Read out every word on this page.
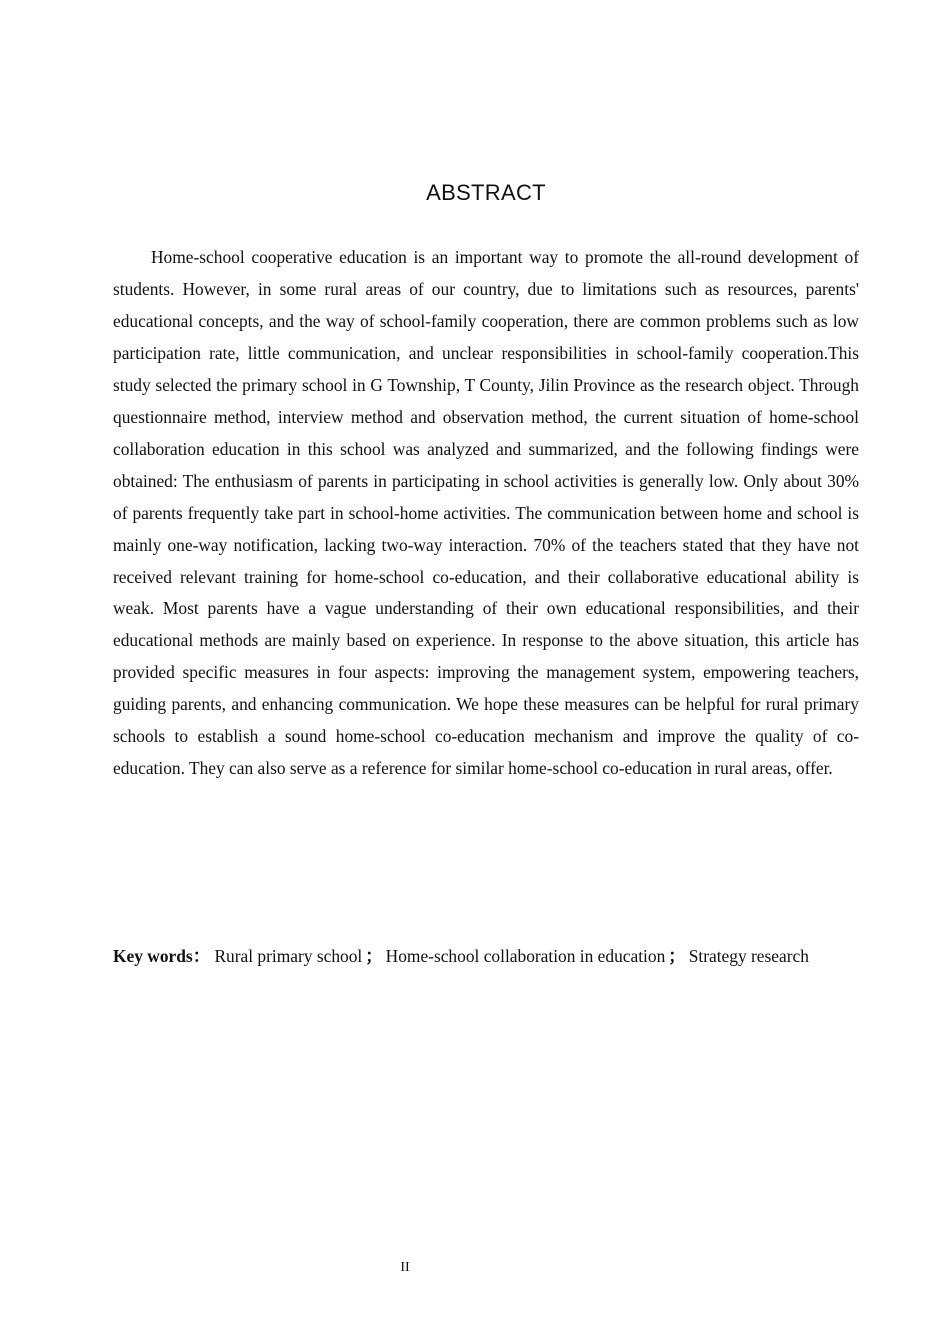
ABSTRACT

Home-school cooperative education is an important way to promote the all-round development of students. However, in some rural areas of our country, due to limitations such as resources, parents' educational concepts, and the way of school-family cooperation, there are common problems such as low participation rate, little communication, and unclear responsibilities in school-family cooperation.This study selected the primary school in G Township, T County, Jilin Province as the research object. Through questionnaire method, interview method and observation method, the current situation of home-school collaboration education in this school was analyzed and summarized, and the following findings were obtained: The enthusiasm of parents in participating in school activities is generally low. Only about 30% of parents frequently take part in school-home activities. The communication between home and school is mainly one-way notification, lacking two-way interaction. 70% of the teachers stated that they have not received relevant training for home-school co-education, and their collaborative educational ability is weak. Most parents have a vague understanding of their own educational responsibilities, and their educational methods are mainly based on experience. In response to the above situation, this article has provided specific measures in four aspects: improving the management system, empowering teachers, guiding parents, and enhancing communication. We hope these measures can be helpful for rural primary schools to establish a sound home-school co-education mechanism and improve the quality of co-education. They can also serve as a reference for similar home-school co-education in rural areas, offer.

Key words： Rural primary school ； Home-school collaboration in education ； Strategy research

II
